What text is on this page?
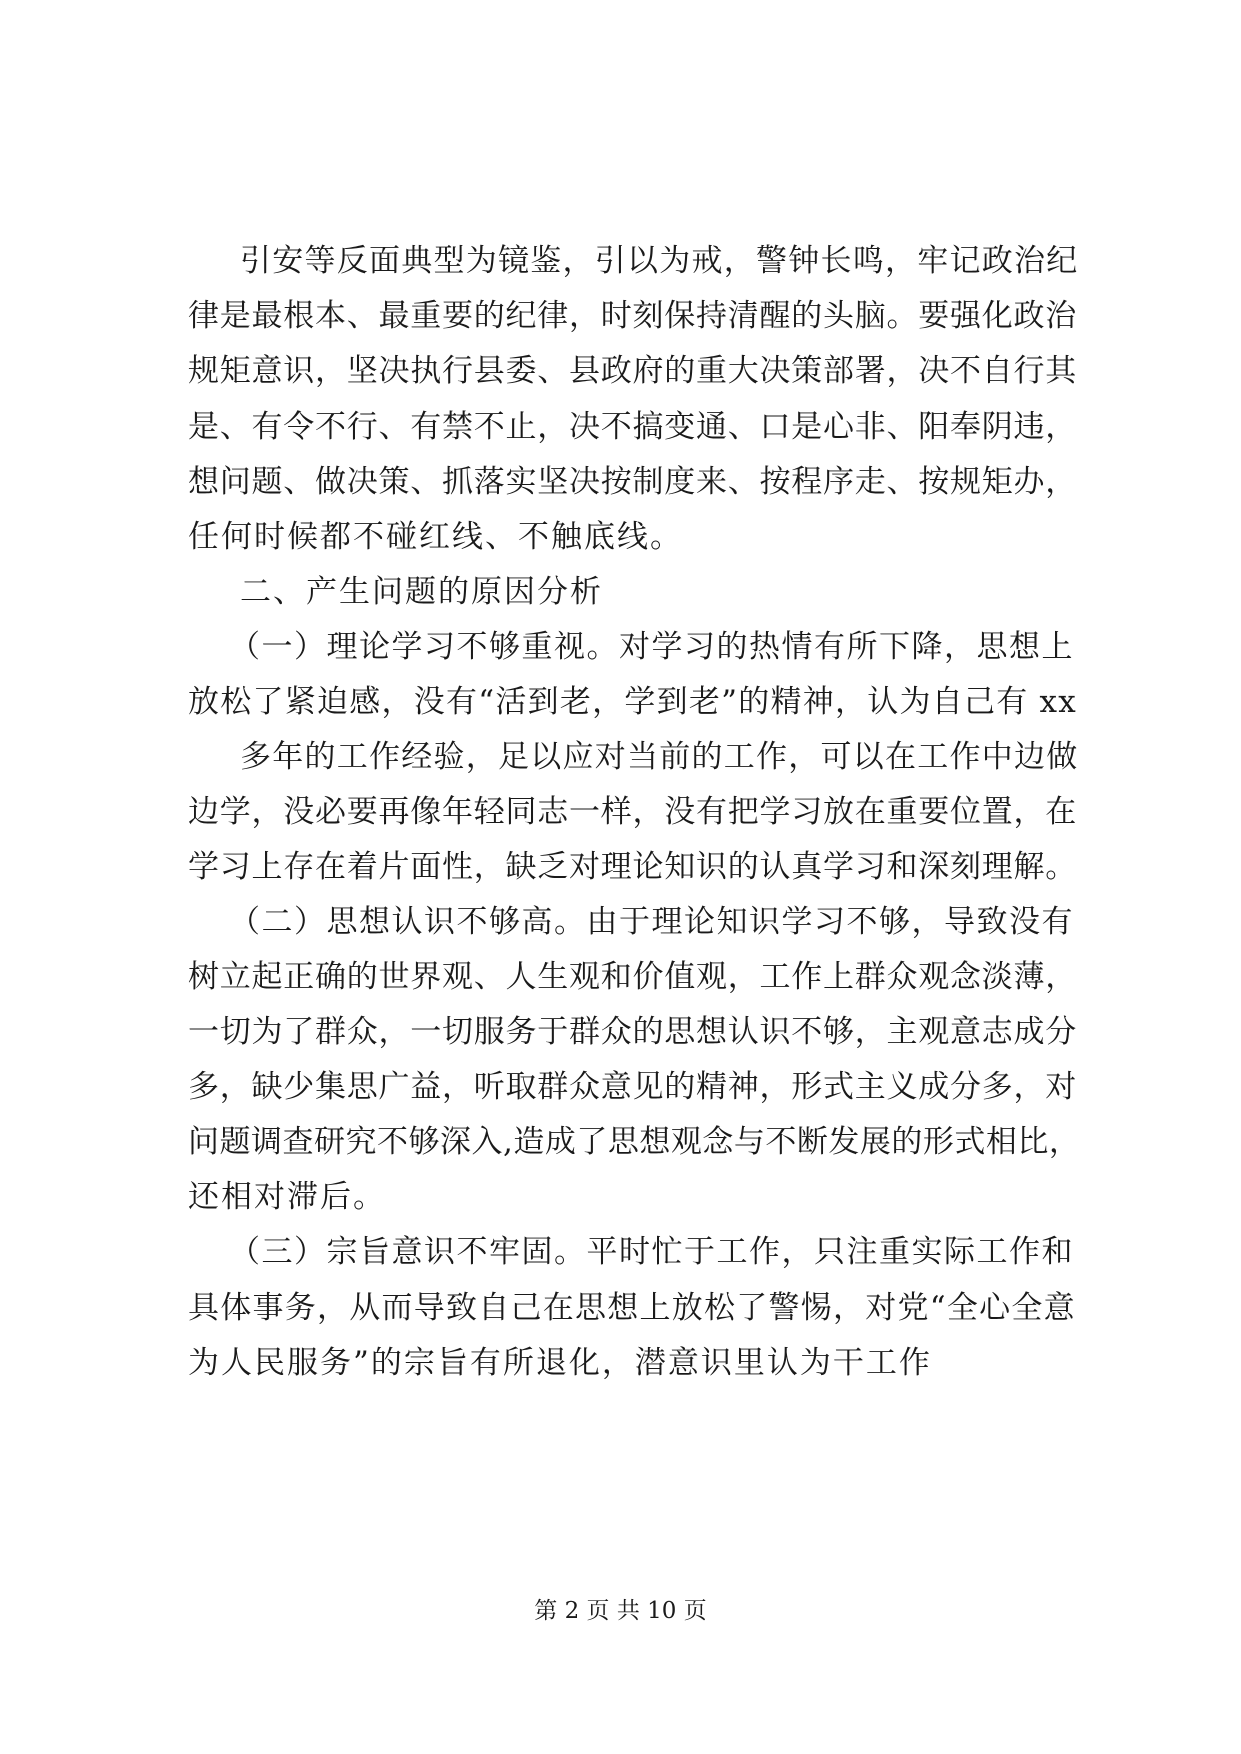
引安等反面典型为镜鉴，引以为戒，警钟长鸣，牢记政治纪
律是最根本、最重要的纪律，时刻保持清醒的头脑。要强化政治
规矩意识，坚决执行县委、县政府的重大决策部署，决不自行其
是、有令不行、有禁不止，决不搞变通、口是心非、阳奉阴违，
想问题、做决策、抓落实坚决按制度来、按程序走、按规矩办，
任何时候都不碰红线、不触底线。
二、产生问题的原因分析
（一）理论学习不够重视。对学习的热情有所下降，思想上
放松了紧迫感，没有“活到老，学到老”的精神，认为自己有 xx
多年的工作经验，足以应对当前的工作，可以在工作中边做
边学，没必要再像年轻同志一样，没有把学习放在重要位置，在
学习上存在着片面性，缺乏对理论知识的认真学习和深刻理解。
（二）思想认识不够高。由于理论知识学习不够，导致没有
树立起正确的世界观、人生观和价值观，工作上群众观念淡薄，
一切为了群众，一切服务于群众的思想认识不够，主观意志成分
多，缺少集思广益，听取群众意见的精神，形式主义成分多，对
问题调查研究不够深入,造成了思想观念与不断发展的形式相比，
还相对滞后。
（三）宗旨意识不牢固。平时忙于工作，只注重实际工作和
具体事务，从而导致自己在思想上放松了警惕，对党“全心全意
为人民服务”的宗旨有所退化，潜意识里认为干工作
第 2 页 共 10 页
